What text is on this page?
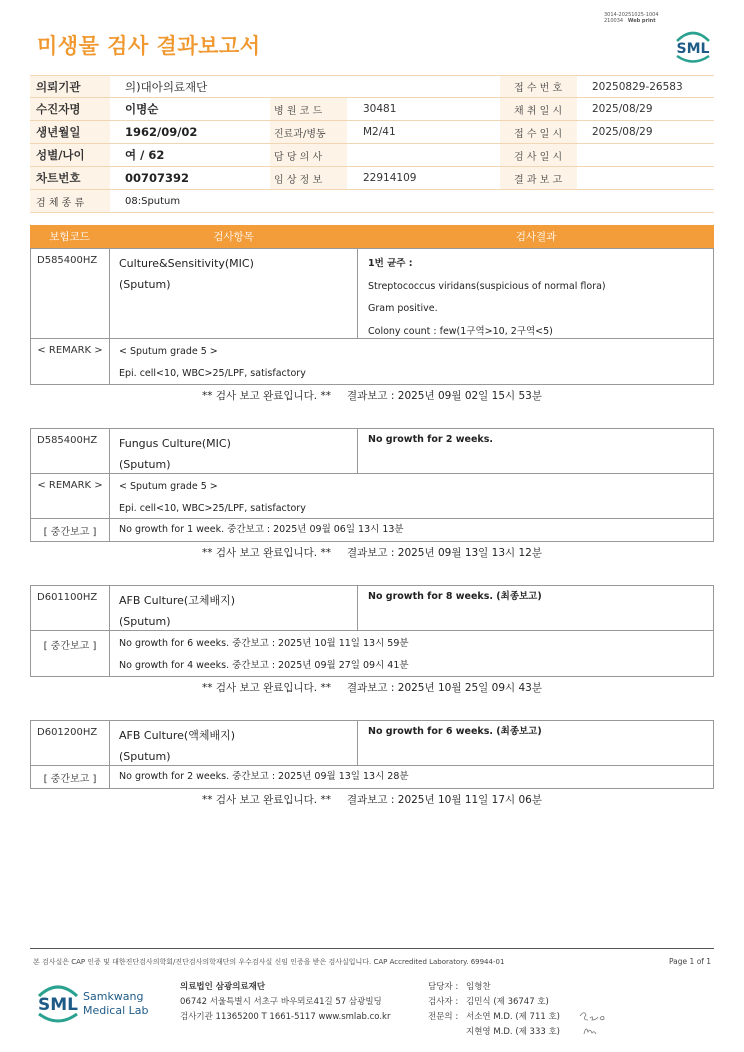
미생물 검사 결과보고서
3014-20251025-1004
210034 Web print
SML
의뢰기관	의)대아의료재단	접 수 번 호	20250829-26583
수진자명	이명순	병 원 코 드	30481	채 취 일 시	2025/08/29
생년월일	1962/09/02	진료과/병동	M2/41	접 수 일 시	2025/08/29
성별/나이	여 / 62	담 당 의 사	검 사 일 시
차트번호	00707392	임 상 정 보	22914109	결 과 보 고
검 체 종 류	08:Sputum
보험코드	검사항목	검사결과
D585400HZ	Culture&Sensitivity(MIC)
(Sputum)
1번 균주 :
Streptococcus viridans(suspicious of normal flora)
Gram positive.
Colony count : few(1구역>10, 2구역<5)
< REMARK >	< Sputum grade 5 >
Epi. cell<10, WBC>25/LPF, satisfactory
** 검사 보고 완료입니다. ** 결과보고 : 2025년 09월 02일 15시 53분
D585400HZ	Fungus Culture(MIC)
(Sputum)
No growth for 2 weeks.
< REMARK >	< Sputum grade 5 >
Epi. cell<10, WBC>25/LPF, satisfactory
[ 중간보고 ]	No growth for 1 week. 중간보고 : 2025년 09월 06일 13시 13분
** 검사 보고 완료입니다. ** 결과보고 : 2025년 09월 13일 13시 12분
D601100HZ	AFB Culture(고체배지)
(Sputum)
No growth for 8 weeks. (최종보고)
[ 중간보고 ]	No growth for 6 weeks. 중간보고 : 2025년 10월 11일 13시 59분
No growth for 4 weeks. 중간보고 : 2025년 09월 27일 09시 41분
** 검사 보고 완료입니다. ** 결과보고 : 2025년 10월 25일 09시 43분
D601200HZ	AFB Culture(액체배지)
(Sputum)
No growth for 6 weeks. (최종보고)
[ 중간보고 ]	No growth for 2 weeks. 중간보고 : 2025년 09월 13일 13시 28분
** 검사 보고 완료입니다. ** 결과보고 : 2025년 10월 11일 17시 06분
본 검사실은 CAP 인증 및 대한진단검사의학회/진단검사의학재단의 우수검사실 신임 인증을 받은 검사실입니다. CAP Accredited Laboratory. 69944-01	Page 1 of 1
SML Samkwang
Medical Lab
의료법인 삼광의료재단
06742 서울특별시 서초구 바우뫼로41길 57 삼광빌딩
검사기관 11365200 T 1661-5117 www.smlab.co.kr
담당자 : 임형찬
검사자 : 김민식 (제 36747 호)
전문의 : 서소연 M.D. (제 711 호)
지현영 M.D. (제 333 호)
